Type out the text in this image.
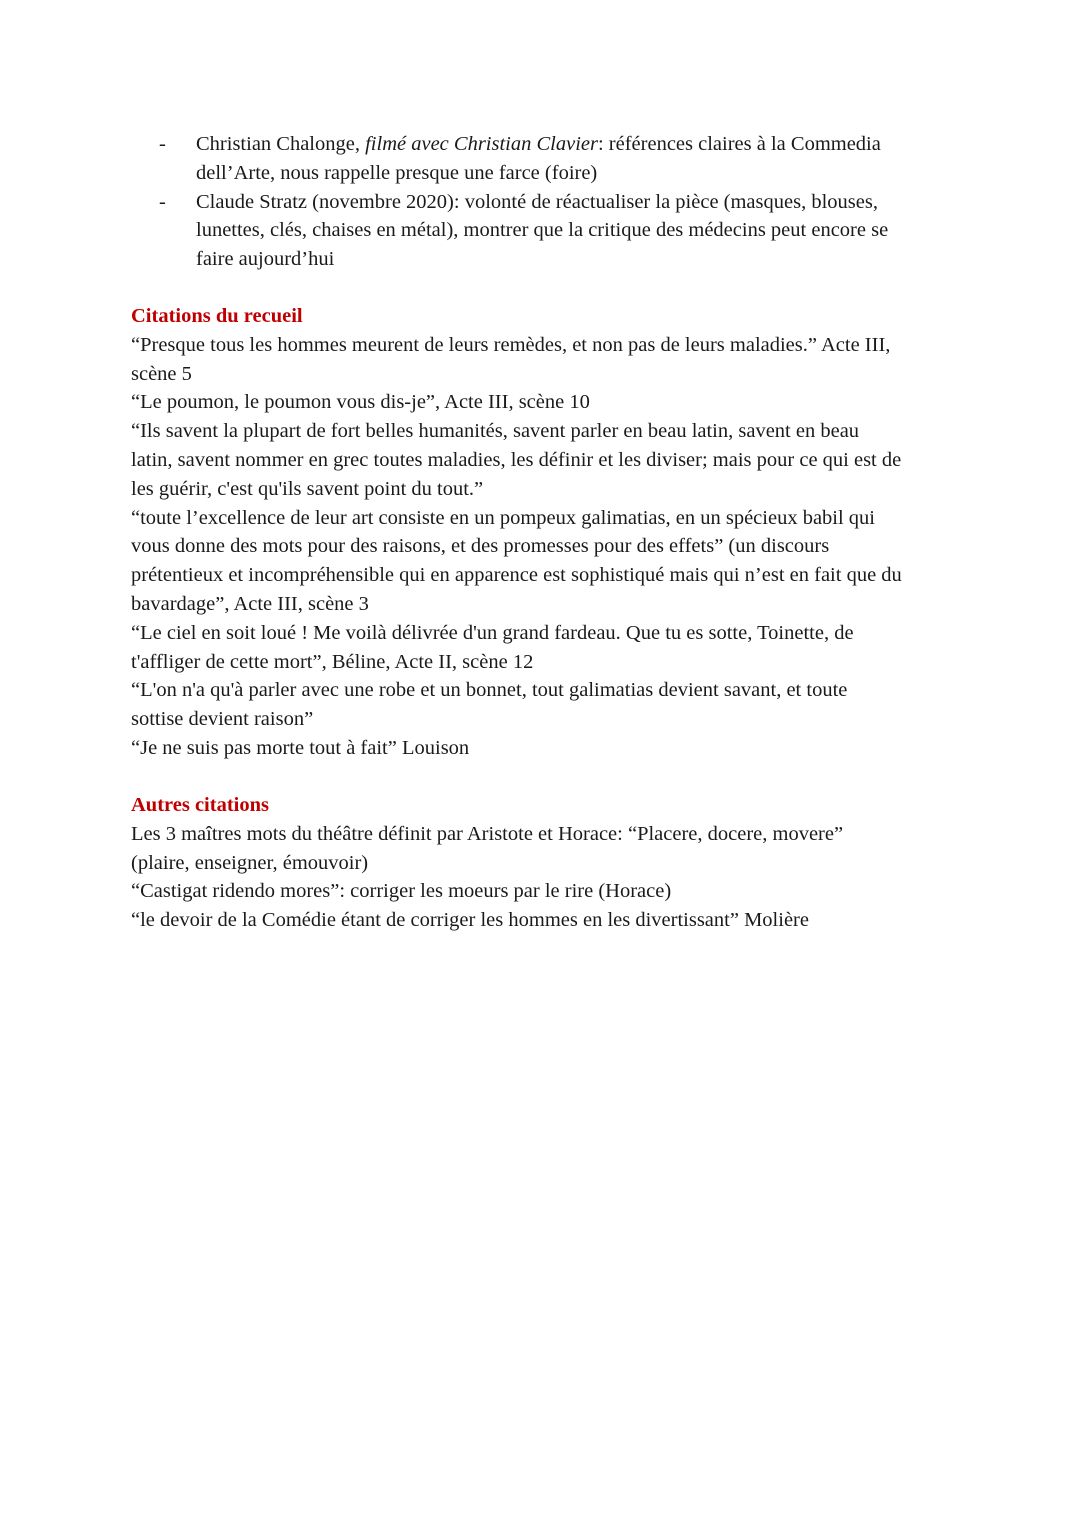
- Christian Chalonge, filmé avec Christian Clavier: références claires à la Commedia
dell’Arte, nous rappelle presque une farce (foire)
- Claude Stratz (novembre 2020): volonté de réactualiser la pièce (masques, blouses,
lunettes, clés, chaises en métal), montrer que la critique des médecins peut encore se
faire aujourd’hui
Citations du recueil
“Presque tous les hommes meurent de leurs remèdes, et non pas de leurs maladies.” Acte III,
scène 5
“Le poumon, le poumon vous dis-je”, Acte III, scène 10
“Ils savent la plupart de fort belles humanités, savent parler en beau latin, savent en beau
latin, savent nommer en grec toutes maladies, les définir et les diviser; mais pour ce qui est de
les guérir, c'est qu'ils savent point du tout.”
“toute l’excellence de leur art consiste en un pompeux galimatias, en un spécieux babil qui
vous donne des mots pour des raisons, et des promesses pour des effets” (un discours
prétentieux et incompréhensible qui en apparence est sophistiqué mais qui n’est en fait que du
bavardage”, Acte III, scène 3
“Le ciel en soit loué ! Me voilà délivrée d'un grand fardeau. Que tu es sotte, Toinette, de
t'affliger de cette mort”, Béline, Acte II, scène 12
“L'on n'a qu'à parler avec une robe et un bonnet, tout galimatias devient savant, et toute
sottise devient raison”
“Je ne suis pas morte tout à fait” Louison
Autres citations
Les 3 maîtres mots du théâtre définit par Aristote et Horace: “Placere, docere, movere”
(plaire, enseigner, émouvoir)
“Castigat ridendo mores”: corriger les moeurs par le rire (Horace)
“le devoir de la Comédie étant de corriger les hommes en les divertissant” Molière
